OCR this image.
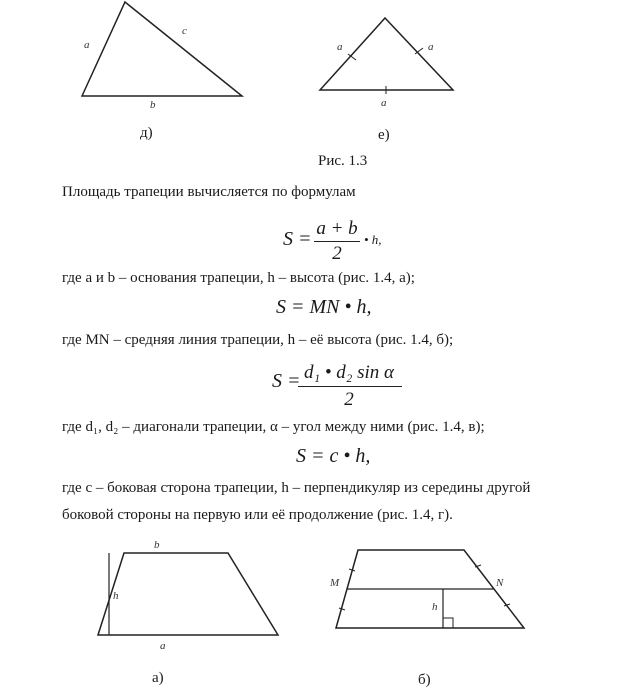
a
c
b
д)
a	a
a
е)
Рис. 1.3
Площадь трапеции вычисляется по формулам
S = a + b
2
• h,
где a и b – основания трапеции, h – высота (рис. 1.4, а);
S = MN • h,
где MN – средняя линия трапеции, h – её высота (рис. 1.4, б);
S = d₁ • d₂ sin α
2
где d₁, d₂ – диагонали трапеции, α – угол между ними (рис. 1.4, в);
S = c • h,
где c – боковая сторона трапеции, h – перпендикуляр из середины другой
боковой стороны на первую или её продолжение (рис. 1.4, г).
b
h
a
а)
M	N
h
б)
